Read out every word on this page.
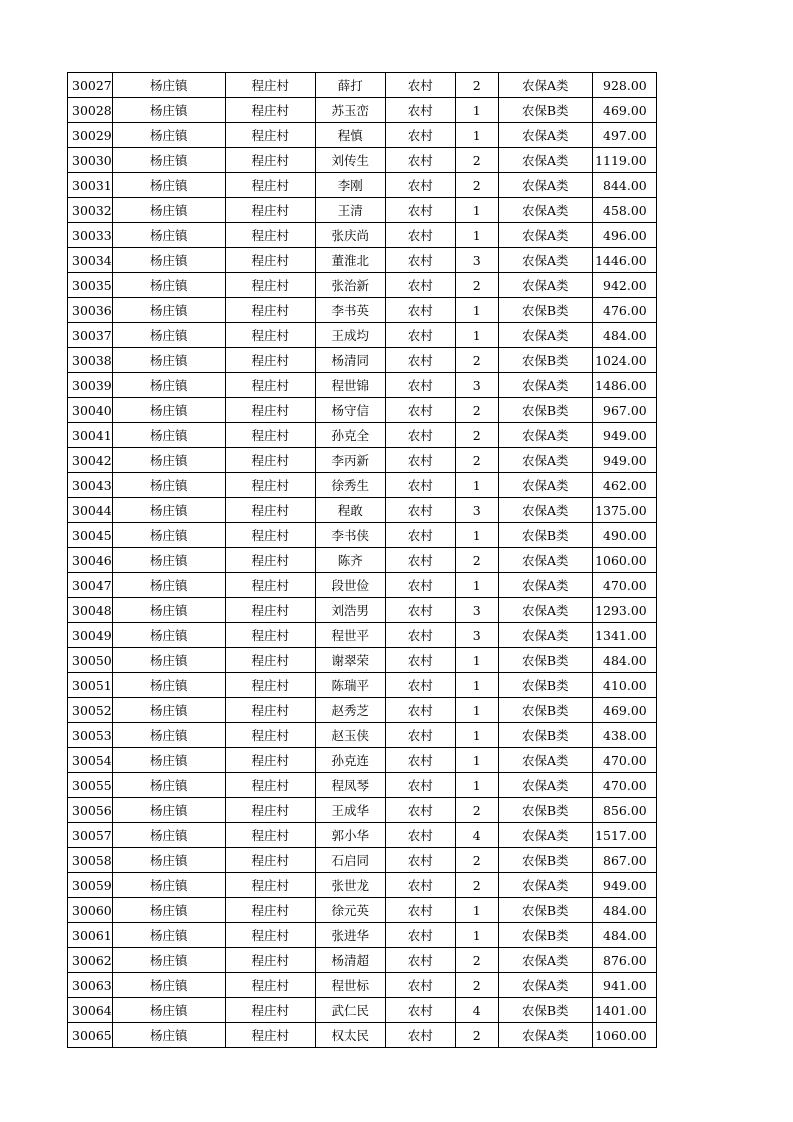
30027	杨庄镇	程庄村	薛打	农村	2	农保A类	928.00
30028	杨庄镇	程庄村	苏玉峦	农村	1	农保B类	469.00
30029	杨庄镇	程庄村	程慎	农村	1	农保A类	497.00
30030	杨庄镇	程庄村	刘传生	农村	2	农保A类	1119.00
30031	杨庄镇	程庄村	李刚	农村	2	农保A类	844.00
30032	杨庄镇	程庄村	王清	农村	1	农保A类	458.00
30033	杨庄镇	程庄村	张庆尚	农村	1	农保A类	496.00
30034	杨庄镇	程庄村	董淮北	农村	3	农保A类	1446.00
30035	杨庄镇	程庄村	张治新	农村	2	农保A类	942.00
30036	杨庄镇	程庄村	李书英	农村	1	农保B类	476.00
30037	杨庄镇	程庄村	王成均	农村	1	农保A类	484.00
30038	杨庄镇	程庄村	杨清同	农村	2	农保B类	1024.00
30039	杨庄镇	程庄村	程世锦	农村	3	农保A类	1486.00
30040	杨庄镇	程庄村	杨守信	农村	2	农保B类	967.00
30041	杨庄镇	程庄村	孙克全	农村	2	农保A类	949.00
30042	杨庄镇	程庄村	李丙新	农村	2	农保A类	949.00
30043	杨庄镇	程庄村	徐秀生	农村	1	农保A类	462.00
30044	杨庄镇	程庄村	程敢	农村	3	农保A类	1375.00
30045	杨庄镇	程庄村	李书侠	农村	1	农保B类	490.00
30046	杨庄镇	程庄村	陈齐	农村	2	农保A类	1060.00
30047	杨庄镇	程庄村	段世俭	农村	1	农保A类	470.00
30048	杨庄镇	程庄村	刘浩男	农村	3	农保A类	1293.00
30049	杨庄镇	程庄村	程世平	农村	3	农保A类	1341.00
30050	杨庄镇	程庄村	谢翠荣	农村	1	农保B类	484.00
30051	杨庄镇	程庄村	陈瑞平	农村	1	农保B类	410.00
30052	杨庄镇	程庄村	赵秀芝	农村	1	农保B类	469.00
30053	杨庄镇	程庄村	赵玉侠	农村	1	农保B类	438.00
30054	杨庄镇	程庄村	孙克连	农村	1	农保A类	470.00
30055	杨庄镇	程庄村	程凤琴	农村	1	农保A类	470.00
30056	杨庄镇	程庄村	王成华	农村	2	农保B类	856.00
30057	杨庄镇	程庄村	郭小华	农村	4	农保A类	1517.00
30058	杨庄镇	程庄村	石启同	农村	2	农保B类	867.00
30059	杨庄镇	程庄村	张世龙	农村	2	农保A类	949.00
30060	杨庄镇	程庄村	徐元英	农村	1	农保B类	484.00
30061	杨庄镇	程庄村	张进华	农村	1	农保B类	484.00
30062	杨庄镇	程庄村	杨清超	农村	2	农保A类	876.00
30063	杨庄镇	程庄村	程世标	农村	2	农保A类	941.00
30064	杨庄镇	程庄村	武仁民	农村	4	农保B类	1401.00
30065	杨庄镇	程庄村	权太民	农村	2	农保A类	1060.00
